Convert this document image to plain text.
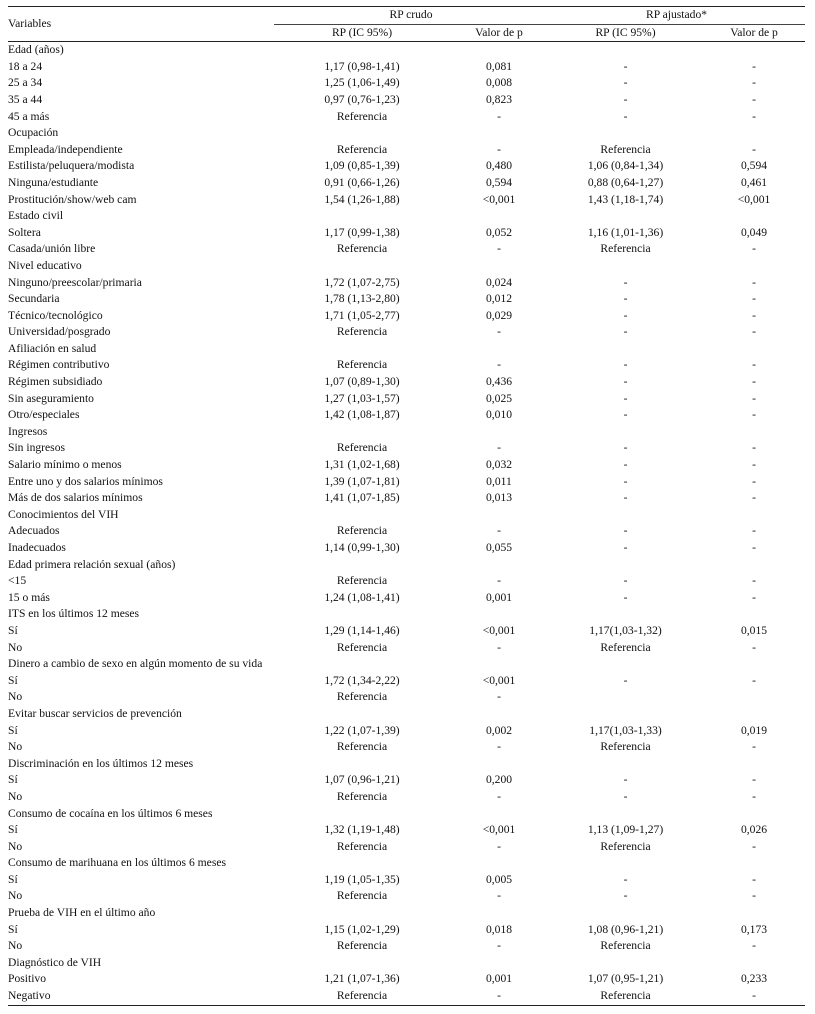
Variables	RP crudo		RP ajustado*	
	RP (IC 95%)	Valor de p	RP (IC 95%)	Valor de p
Edad (años)				
18 a 24	1,17 (0,98-1,41)	0,081	-	-
25 a 34	1,25 (1,06-1,49)	0,008	-	-
35 a 44	0,97 (0,76-1,23)	0,823	-	-
45 a más	Referencia	-	-	-
Ocupación				
Empleada/independiente	Referencia	-	Referencia	-
Estilista/peluquera/modista	1,09 (0,85-1,39)	0,480	1,06 (0,84-1,34)	0,594
Ninguna/estudiante	0,91 (0,66-1,26)	0,594	0,88 (0,64-1,27)	0,461
Prostitución/show/web cam	1,54 (1,26-1,88)	<0,001	1,43 (1,18-1,74)	<0,001
Estado civil				
Soltera	1,17 (0,99-1,38)	0,052	1,16 (1,01-1,36)	0,049
Casada/unión libre	Referencia	-	Referencia	-
Nivel educativo				
Ninguno/preescolar/primaria	1,72 (1,07-2,75)	0,024	-	-
Secundaria	1,78 (1,13-2,80)	0,012	-	-
Técnico/tecnológico	1,71 (1,05-2,77)	0,029	-	-
Universidad/posgrado	Referencia	-	-	-
Afiliación en salud				
Régimen contributivo	Referencia	-	-	-
Régimen subsidiado	1,07 (0,89-1,30)	0,436	-	-
Sin aseguramiento	1,27 (1,03-1,57)	0,025	-	-
Otro/especiales	1,42 (1,08-1,87)	0,010	-	-
Ingresos				
Sin ingresos	Referencia	-	-	-
Salario mínimo o menos	1,31 (1,02-1,68)	0,032	-	-
Entre uno y dos salarios mínimos	1,39 (1,07-1,81)	0,011	-	-
Más de dos salarios mínimos	1,41 (1,07-1,85)	0,013	-	-
Conocimientos del VIH				
Adecuados	Referencia	-	-	-
Inadecuados	1,14 (0,99-1,30)	0,055	-	-
Edad primera relación sexual (años)				
<15	Referencia	-	-	-
15 o más	1,24 (1,08-1,41)	0,001	-	-
ITS en los últimos 12 meses				
Sí	1,29 (1,14-1,46)	<0,001	1,17(1,03-1,32)	0,015
No	Referencia	-	Referencia	-
Dinero a cambio de sexo en algún momento de su vida				
Sí	1,72 (1,34-2,22)	<0,001	-	-
No	Referencia	-		
Evitar buscar servicios de prevención				
Sí	1,22 (1,07-1,39)	0,002	1,17(1,03-1,33)	0,019
No	Referencia	-	Referencia	-
Discriminación en los últimos 12 meses				
Sí	1,07 (0,96-1,21)	0,200	-	-
No	Referencia	-	-	-
Consumo de cocaína en los últimos 6 meses				
Sí	1,32 (1,19-1,48)	<0,001	1,13 (1,09-1,27)	0,026
No	Referencia	-	Referencia	-
Consumo de marihuana en los últimos 6 meses				
Sí	1,19 (1,05-1,35)	0,005	-	-
No	Referencia	-	-	-
Prueba de VIH en el último año				
Sí	1,15 (1,02-1,29)	0,018	1,08 (0,96-1,21)	0,173
No	Referencia	-	Referencia	-
Diagnóstico de VIH				
Positivo	1,21 (1,07-1,36)	0,001	1,07 (0,95-1,21)	0,233
Negativo	Referencia	-	Referencia	-
